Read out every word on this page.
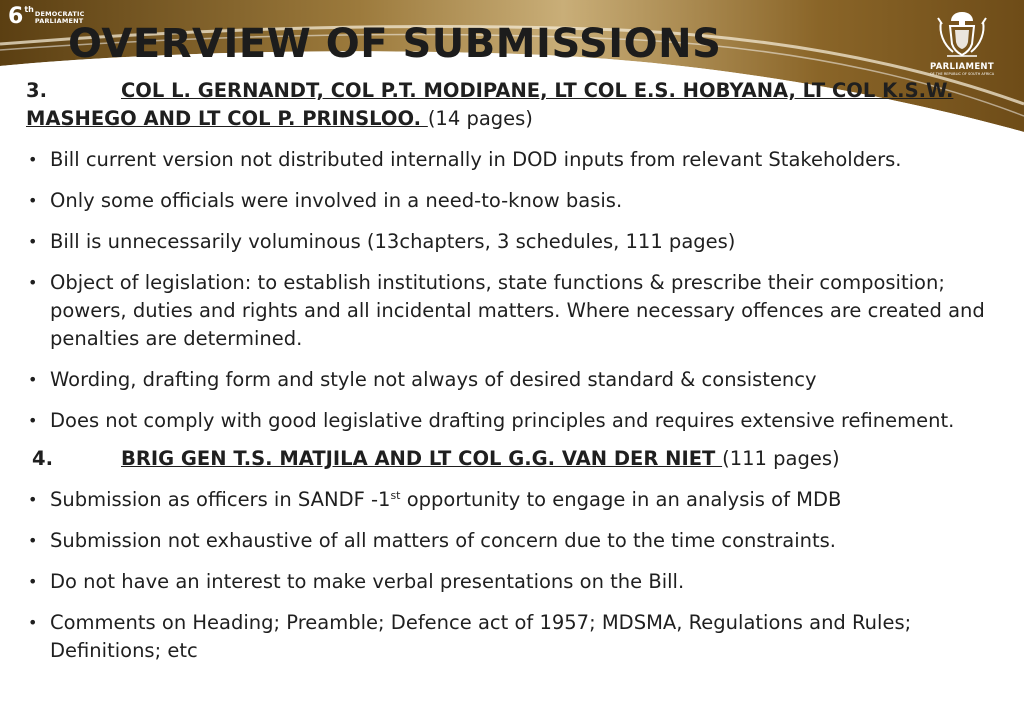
6 th DEMOCRATIC
PARLIAMENT
OVERVIEW OF SUBMISSIONS	PARLIAMENT
OF THE REPUBLIC OF SOUTH AFRICA

3.	COL L. GERNANDT, COL P.T. MODIPANE, LT COL E.S. HOBYANA, LT COL K.S.W. MASHEGO AND LT COL P. PRINSLOO. (14 pages)

• Bill current version not distributed internally in DOD inputs from relevant Stakeholders.
• Only some officials were involved in a need-to-know basis.
• Bill is unnecessarily voluminous (13chapters, 3 schedules, 111 pages)
• Object of legislation: to establish institutions, state functions & prescribe their composition; powers, duties and rights and all incidental matters. Where necessary offences are created and penalties are determined.
• Wording, drafting form and style not always of desired standard & consistency
• Does not comply with good legislative drafting principles and requires extensive refinement.

4.	BRIG GEN T.S. MATJILA AND LT COL G.G. VAN DER NIET (111 pages)

• Submission as officers in SANDF -1st opportunity to engage in an analysis of MDB
• Submission not exhaustive of all matters of concern due to the time constraints.
• Do not have an interest to make verbal presentations on the Bill.
• Comments on Heading; Preamble; Defence act of 1957; MDSMA, Regulations and Rules; Definitions; etc
